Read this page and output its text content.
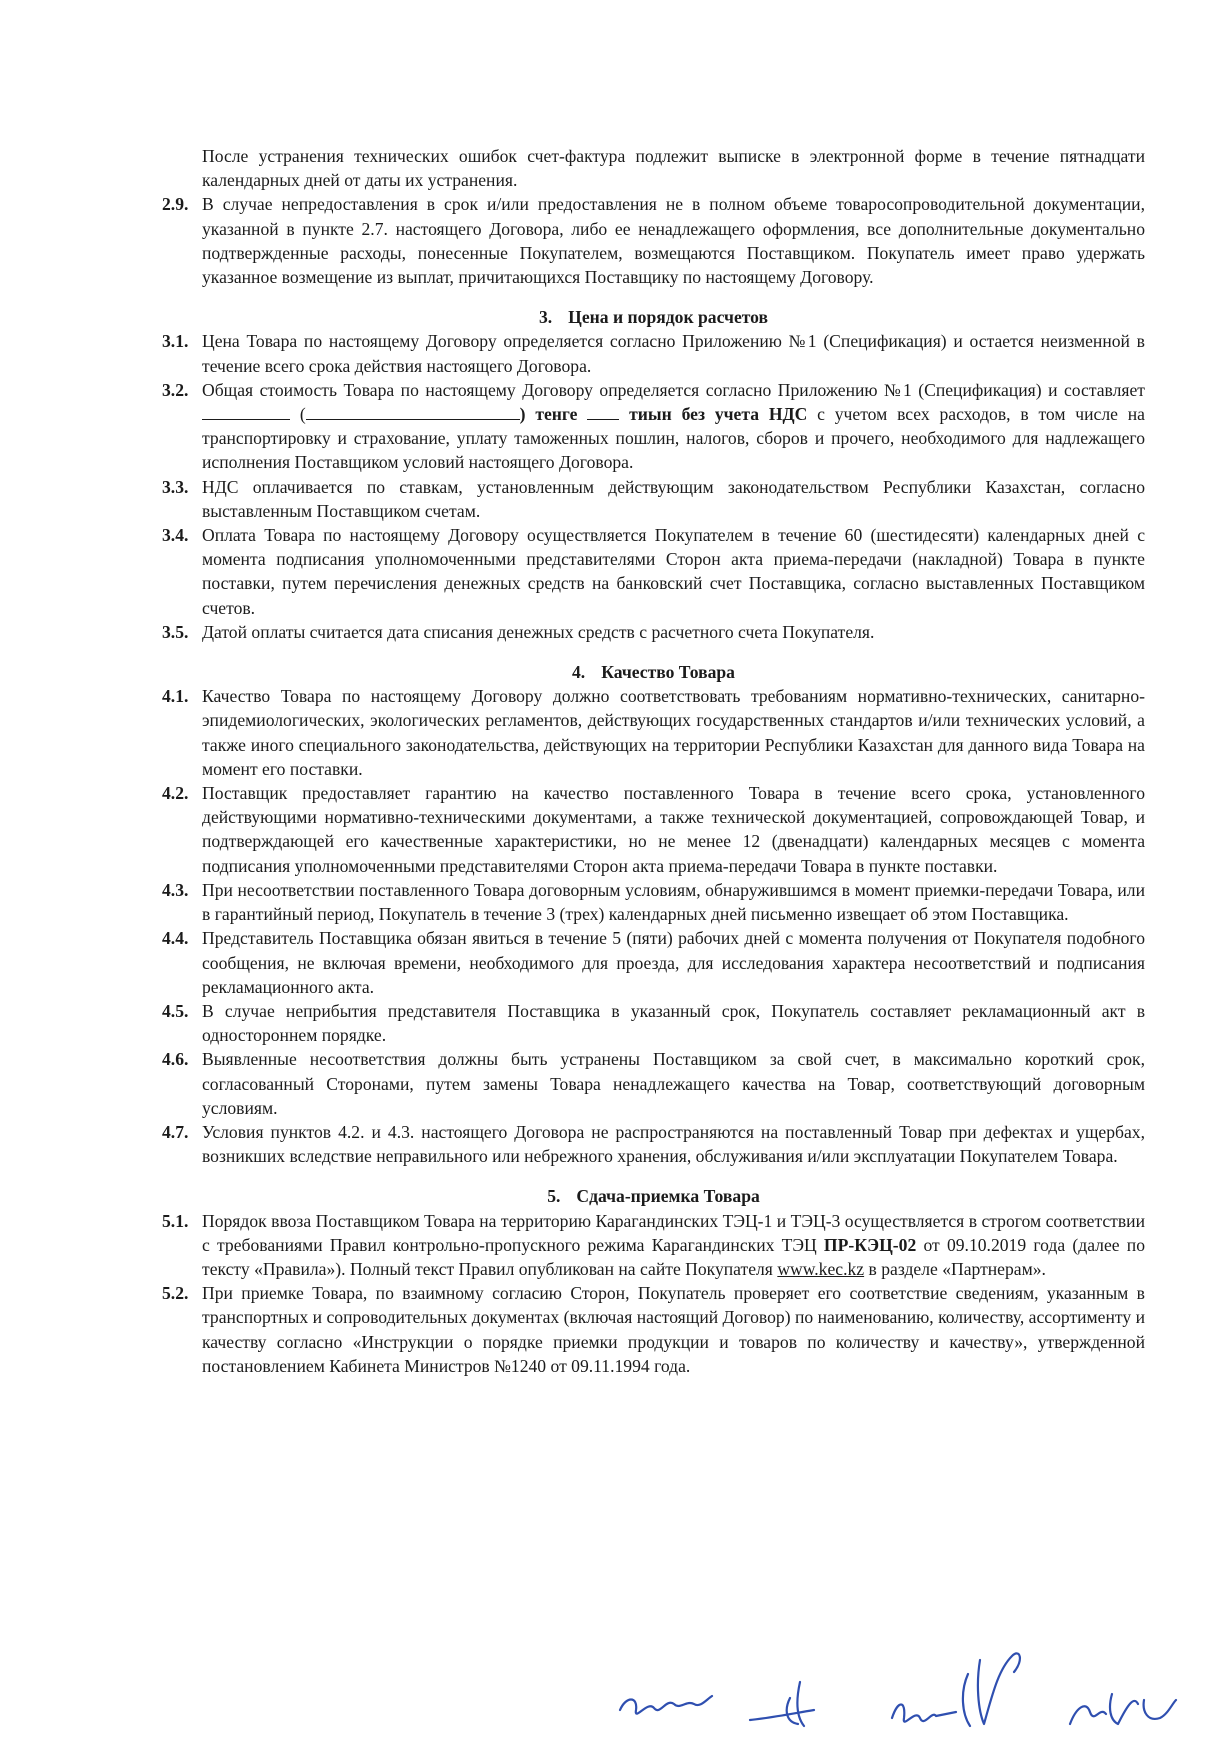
После устранения технических ошибок счет-фактура подлежит выписке в электронной форме в течение пятнадцати календарных дней от даты их устранения.

2.9. В случае непредоставления в срок и/или предоставления не в полном объеме товаросопроводительной документации, указанной в пункте 2.7. настоящего Договора, либо ее ненадлежащего оформления, все дополнительные документально подтвержденные расходы, понесенные Покупателем, возмещаются Поставщиком. Покупатель имеет право удержать указанное возмещение из выплат, причитающихся Поставщику по настоящему Договору.
3. Цена и порядок расчетов
3.1. Цена Товара по настоящему Договору определяется согласно Приложению №1 (Спецификация) и остается неизменной в течение всего срока действия настоящего Договора.
3.2. Общая стоимость Товара по настоящему Договору определяется согласно Приложению №1 (Спецификация) и составляет  (	) тенге	тиын без учета НДС с учетом всех расходов, в том числе на транспортировку и страхование, уплату таможенных пошлин, налогов, сборов и прочего, необходимого для надлежащего исполнения Поставщиком условий настоящего Договора.
3.3. НДС оплачивается по ставкам, установленным действующим законодательством Республики Казахстан, согласно выставленным Поставщиком счетам.
3.4. Оплата Товара по настоящему Договору осуществляется Покупателем в течение 60 (шестидесяти) календарных дней с момента подписания уполномоченными представителями Сторон акта приема-передачи (накладной) Товара в пункте поставки, путем перечисления денежных средств на банковский счет Поставщика, согласно выставленных Поставщиком счетов.
3.5. Датой оплаты считается дата списания денежных средств с расчетного счета Покупателя.
4. Качество Товара
4.1. Качество Товара по настоящему Договору должно соответствовать требованиям нормативно-технических, санитарно-эпидемиологических, экологических регламентов, действующих государственных стандартов и/или технических условий, а также иного специального законодательства, действующих на территории Республики Казахстан для данного вида Товара на момент его поставки.
4.2. Поставщик предоставляет гарантию на качество поставленного Товара в течение всего срока, установленного действующими нормативно-техническими документами, а также технической документацией, сопровождающей Товар, и подтверждающей его качественные характеристики, но не менее 12 (двенадцати) календарных месяцев с момента подписания уполномоченными представителями Сторон акта приема-передачи Товара в пункте поставки.
4.3. При несоответствии поставленного Товара договорным условиям, обнаружившимся в момент приемки-передачи Товара, или в гарантийный период, Покупатель в течение 3 (трех) календарных дней письменно извещает об этом Поставщика.
4.4. Представитель Поставщика обязан явиться в течение 5 (пяти) рабочих дней с момента получения от Покупателя подобного сообщения, не включая времени, необходимого для проезда, для исследования характера несоответствий и подписания рекламационного акта.
4.5. В случае неприбытия представителя Поставщика в указанный срок, Покупатель составляет рекламационный акт в одностороннем порядке.
4.6. Выявленные несоответствия должны быть устранены Поставщиком за свой счет, в максимально короткий срок, согласованный Сторонами, путем замены Товара ненадлежащего качества на Товар, соответствующий договорным условиям.
4.7. Условия пунктов 4.2. и 4.3. настоящего Договора не распространяются на поставленный Товар при дефектах и ущербах, возникших вследствие неправильного или небрежного хранения, обслуживания и/или эксплуатации Покупателем Товара.
5. Сдача-приемка Товара
5.1. Порядок ввоза Поставщиком Товара на территорию Карагандинских ТЭЦ-1 и ТЭЦ-3 осуществляется в строгом соответствии с требованиями Правил контрольно-пропускного режима Карагандинских ТЭЦ ПР-КЭЦ-02 от 09.10.2019 года (далее по тексту «Правила»). Полный текст Правил опубликован на сайте Покупателя www.kec.kz в разделе «Партнерам».
5.2. При приемке Товара, по взаимному согласию Сторон, Покупатель проверяет его соответствие сведениям, указанным в транспортных и сопроводительных документах (включая настоящий Договор) по наименованию, количеству, ассортименту и качеству согласно «Инструкции о порядке приемки продукции и товаров по количеству и качеству», утвержденной постановлением Кабинета Министров №1240 от 09.11.1994 года.
